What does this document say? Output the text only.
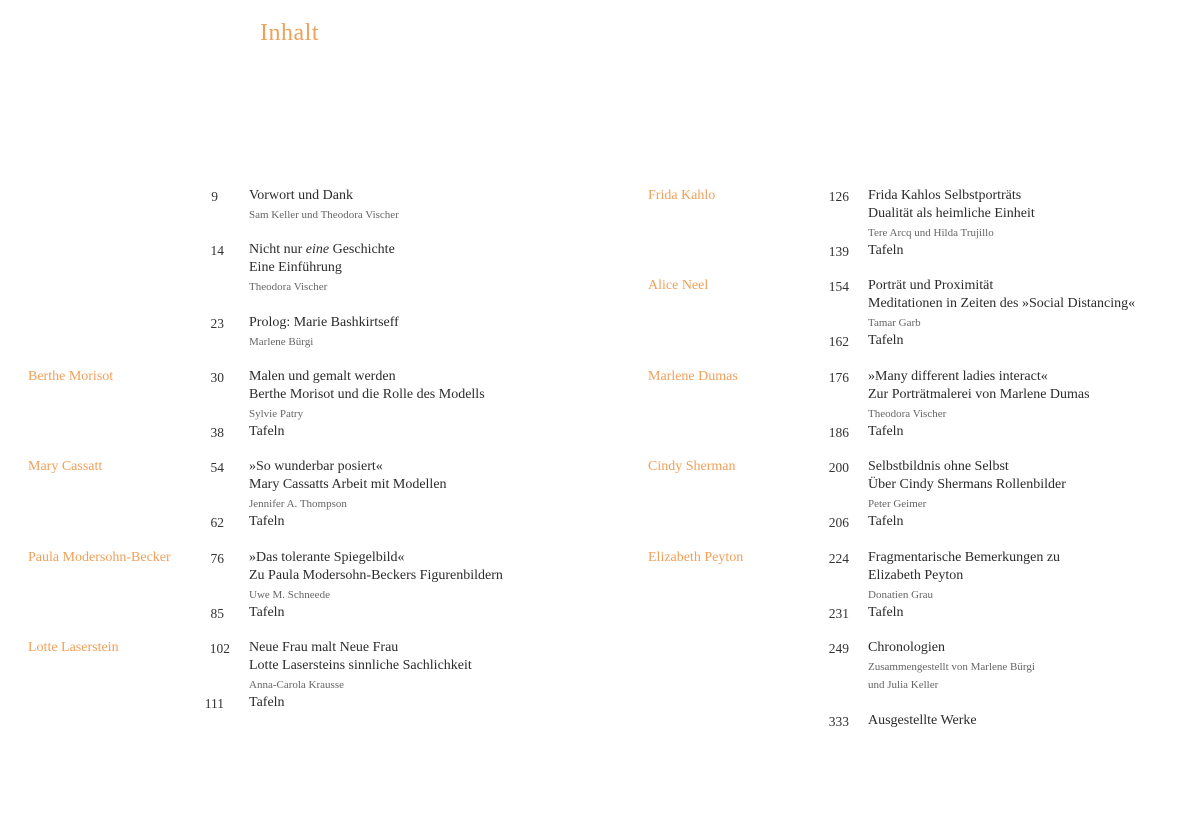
Inhalt
9 Vorwort und Dank
Sam Keller und Theodora Vischer
14 Nicht nur eine Geschichte
Eine Einführung
Theodora Vischer
23 Prolog: Marie Bashkirtseff
Marlene Bürgi
Berthe Morisot	30 Malen und gemalt werden
Berthe Morisot und die Rolle des Modells
Sylvie Patry
38 Tafeln
Mary Cassatt	54 »So wunderbar posiert«
Mary Cassatts Arbeit mit Modellen
Jennifer A. Thompson
62 Tafeln
Paula Modersohn-Becker	76 »Das tolerante Spiegelbild«
Zu Paula Modersohn-Beckers Figurenbildern
Uwe M. Schneede
85 Tafeln
Lotte Laserstein	102 Neue Frau malt Neue Frau
Lotte Lasersteins sinnliche Sachlichkeit
Anna-Carola Krausse
111 Tafeln
Frida Kahlo	126 Frida Kahlos Selbstporträts
Dualität als heimliche Einheit
Tere Arcq und Hilda Trujillo
139 Tafeln
Alice Neel	154 Porträt und Proximität
Meditationen in Zeiten des »Social Distancing«
Tamar Garb
162 Tafeln
Marlene Dumas	176 »Many different ladies interact«
Zur Porträtmalerei von Marlene Dumas
Theodora Vischer
186 Tafeln
Cindy Sherman	200 Selbstbildnis ohne Selbst
Über Cindy Shermans Rollenbilder
Peter Geimer
206 Tafeln
Elizabeth Peyton	224 Fragmentarische Bemerkungen zu
Elizabeth Peyton
Donatien Grau
231 Tafeln
249 Chronologien
Zusammengestellt von Marlene Bürgi
und Julia Keller
333 Ausgestellte Werke
